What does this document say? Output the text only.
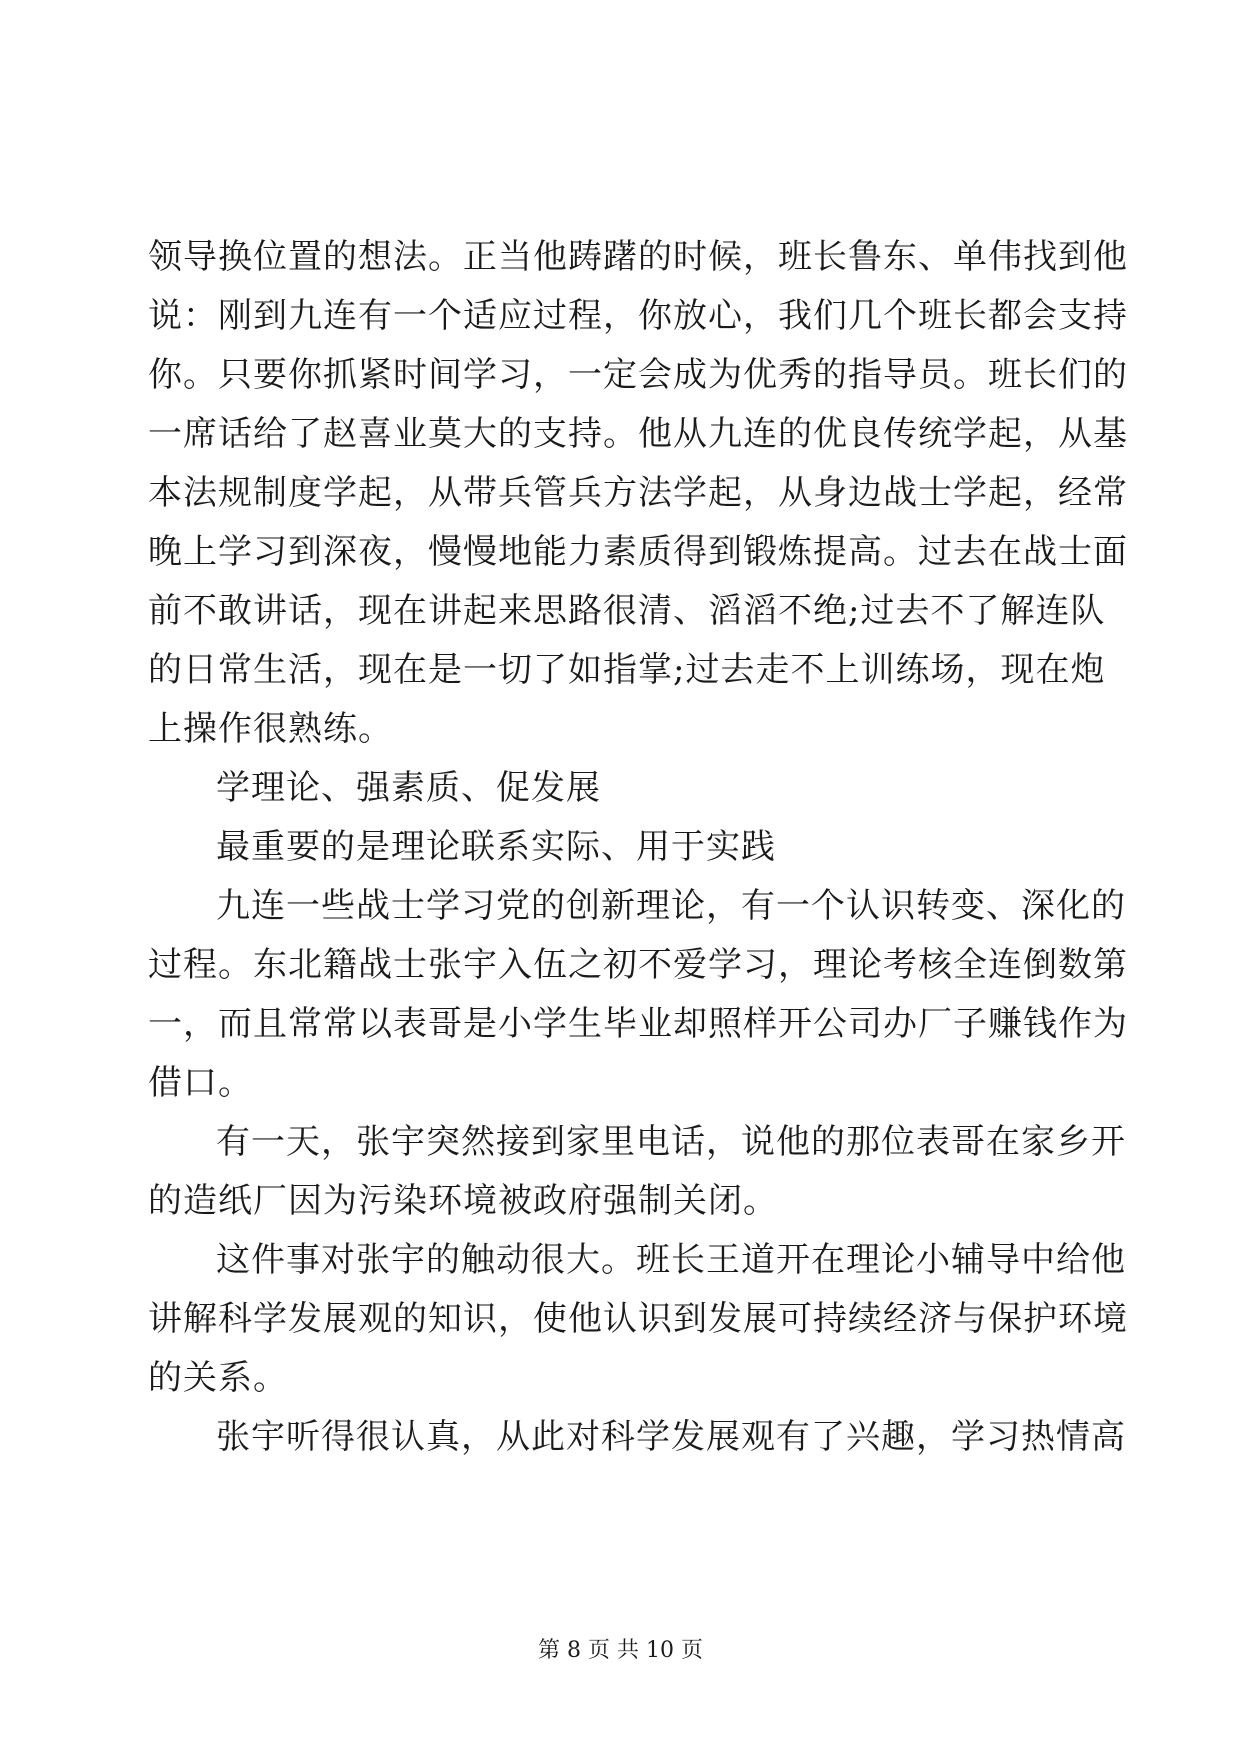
领导换位置的想法。正当他踌躇的时候，班长鲁东、单伟找到他
说：刚到九连有一个适应过程，你放心，我们几个班长都会支持
你。只要你抓紧时间学习，一定会成为优秀的指导员。班长们的
一席话给了赵喜业莫大的支持。他从九连的优良传统学起，从基
本法规制度学起，从带兵管兵方法学起，从身边战士学起，经常
晚上学习到深夜，慢慢地能力素质得到锻炼提高。过去在战士面
前不敢讲话，现在讲起来思路很清、滔滔不绝;过去不了解连队
的日常生活，现在是一切了如指掌;过去走不上训练场，现在炮
上操作很熟练。
学理论、强素质、促发展
最重要的是理论联系实际、用于实践
九连一些战士学习党的创新理论，有一个认识转变、深化的
过程。东北籍战士张宇入伍之初不爱学习，理论考核全连倒数第
一，而且常常以表哥是小学生毕业却照样开公司办厂子赚钱作为
借口。
有一天，张宇突然接到家里电话，说他的那位表哥在家乡开
的造纸厂因为污染环境被政府强制关闭。
这件事对张宇的触动很大。班长王道开在理论小辅导中给他
讲解科学发展观的知识，使他认识到发展可持续经济与保护环境
的关系。
张宇听得很认真，从此对科学发展观有了兴趣，学习热情高
第 8 页 共 10 页
